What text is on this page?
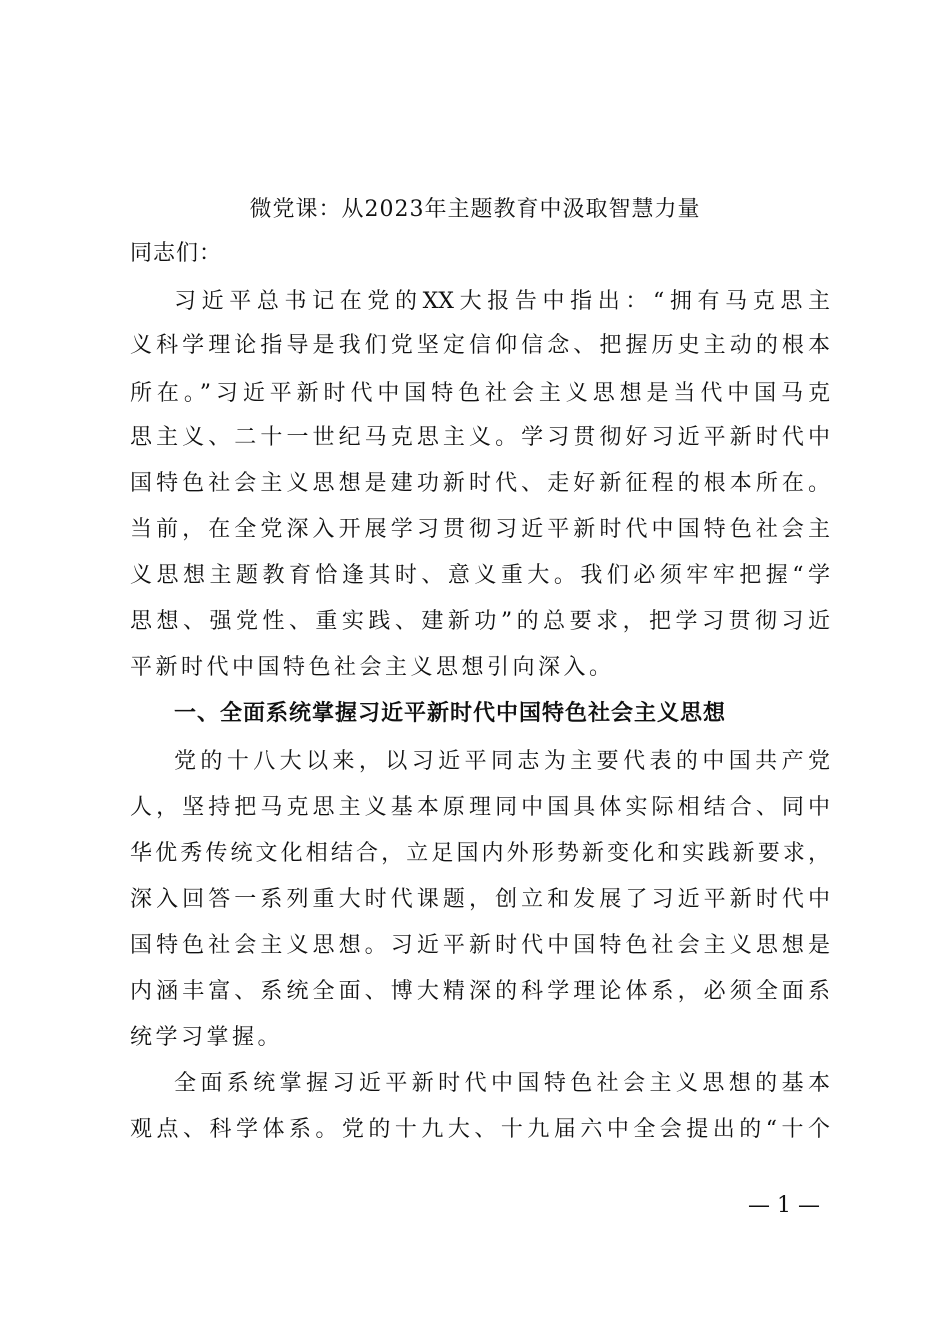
微党课：从2023年主题教育中汲取智慧力量
同志们：
习近平总书记在党的XX大报告中指出：“拥有马克思主
义科学理论指导是我们党坚定信仰信念、把握历史主动的根本
所在。”习近平新时代中国特色社会主义思想是当代中国马克
思主义、二十一世纪马克思主义。学习贯彻好习近平新时代中
国特色社会主义思想是建功新时代、走好新征程的根本所在。
当前，在全党深入开展学习贯彻习近平新时代中国特色社会主
义思想主题教育恰逢其时、意义重大。我们必须牢牢把握“学
思想、强党性、重实践、建新功”的总要求，把学习贯彻习近
平新时代中国特色社会主义思想引向深入。
一、全面系统掌握习近平新时代中国特色社会主义思想
党的十八大以来，以习近平同志为主要代表的中国共产党
人，坚持把马克思主义基本原理同中国具体实际相结合、同中
华优秀传统文化相结合，立足国内外形势新变化和实践新要求，
深入回答一系列重大时代课题，创立和发展了习近平新时代中
国特色社会主义思想。习近平新时代中国特色社会主义思想是
内涵丰富、系统全面、博大精深的科学理论体系，必须全面系
统学习掌握。
全面系统掌握习近平新时代中国特色社会主义思想的基本
观点、科学体系。党的十九大、十九届六中全会提出的“十个
— 1 —
